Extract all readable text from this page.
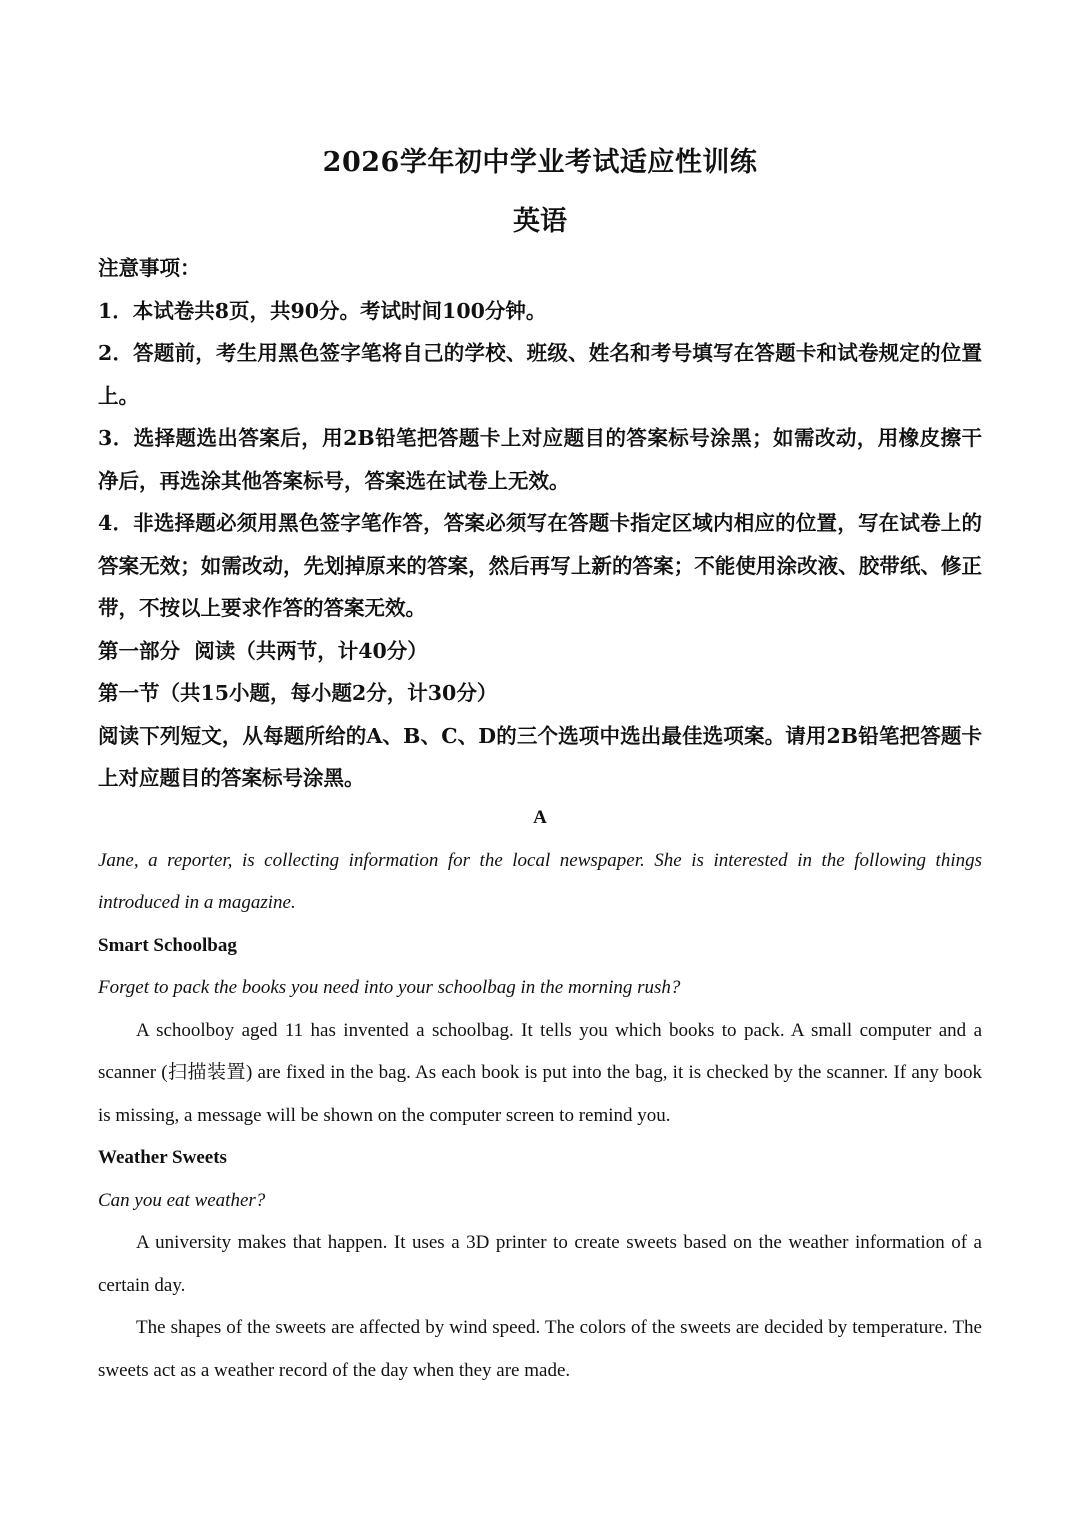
2026学年初中学业考试适应性训练
英语

注意事项：

1．本试卷共8页，共90分。考试时间100分钟。

2．答题前，考生用黑色签字笔将自己的学校、班级、姓名和考号填写在答题卡和试卷规定的位置上。

3．选择题选出答案后，用2B铅笔把答题卡上对应题目的答案标号涂黑；如需改动，用橡皮擦干净后，再选涂其他答案标号，答案选在试卷上无效。

4．非选择题必须用黑色签字笔作答，答案必须写在答题卡指定区域内相应的位置，写在试卷上的答案无效；如需改动，先划掉原来的答案，然后再写上新的答案；不能使用涂改液、胶带纸、修正带，不按以上要求作答的答案无效。

第一部分  阅读（共两节，计40分）

第一节（共15小题，每小题2分，计30分）

阅读下列短文，从每题所给的A、B、C、D的三个选项中选出最佳选项案。请用2B铅笔把答题卡上对应题目的答案标号涂黑。

A

Jane, a reporter, is collecting information for the local newspaper. She is interested in the following things introduced in a magazine.

Smart Schoolbag

Forget to pack the books you need into your schoolbag in the morning rush?

A schoolboy aged 11 has invented a schoolbag. It tells you which books to pack. A small computer and a scanner (扫描装置) are fixed in the bag. As each book is put into the bag, it is checked by the scanner. If any book is missing, a message will be shown on the computer screen to remind you.

Weather Sweets

Can you eat weather?

A university makes that happen. It uses a 3D printer to create sweets based on the weather information of a certain day.

The shapes of the sweets are affected by wind speed. The colors of the sweets are decided by temperature. The sweets act as a weather record of the day when they are made.
